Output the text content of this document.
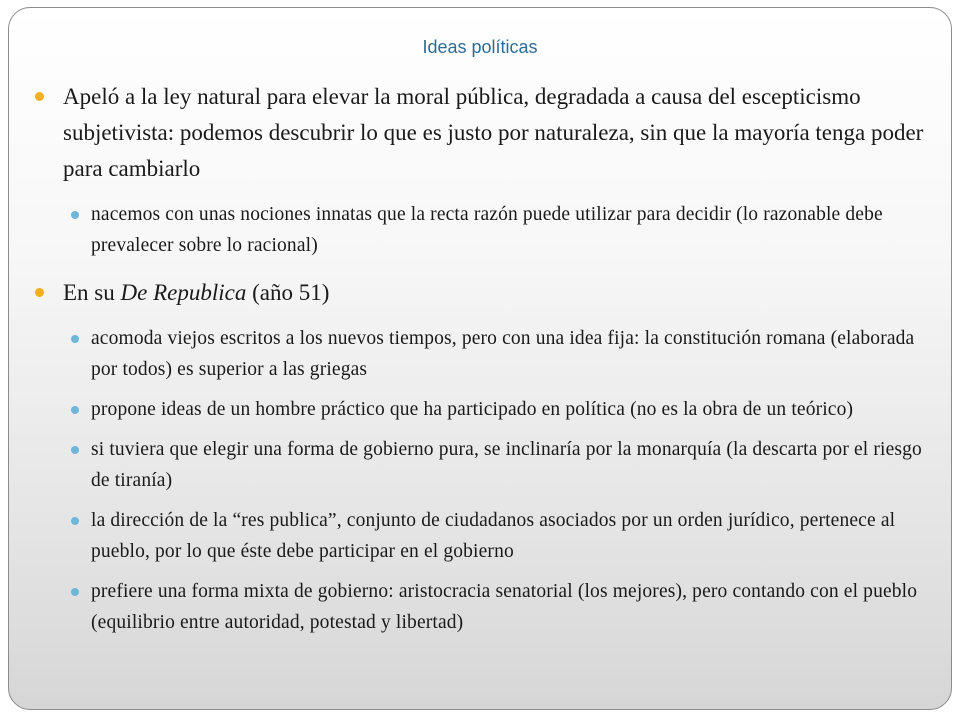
Ideas políticas
Apeló a la ley natural para elevar la moral pública, degradada a causa del escepticismo subjetivista: podemos descubrir lo que es justo por naturaleza, sin que la mayoría tenga poder para cambiarlo
nacemos con unas nociones innatas que la recta razón puede utilizar para decidir (lo razonable debe prevalecer sobre lo racional)
En su De Republica (año 51)
acomoda viejos escritos a los nuevos tiempos, pero con una idea fija: la constitución romana (elaborada por todos) es superior a las griegas
propone ideas de un hombre práctico que ha participado en política (no es la obra de un teórico)
si tuviera que elegir una forma de gobierno pura, se inclinaría por la monarquía (la descarta por el riesgo de tiranía)
la dirección de la “res publica”, conjunto de ciudadanos asociados por un orden jurídico, pertenece al pueblo, por lo que éste debe participar en el gobierno
prefiere una forma mixta de gobierno: aristocracia senatorial (los mejores), pero contando con el pueblo (equilibrio entre autoridad, potestad y libertad)
